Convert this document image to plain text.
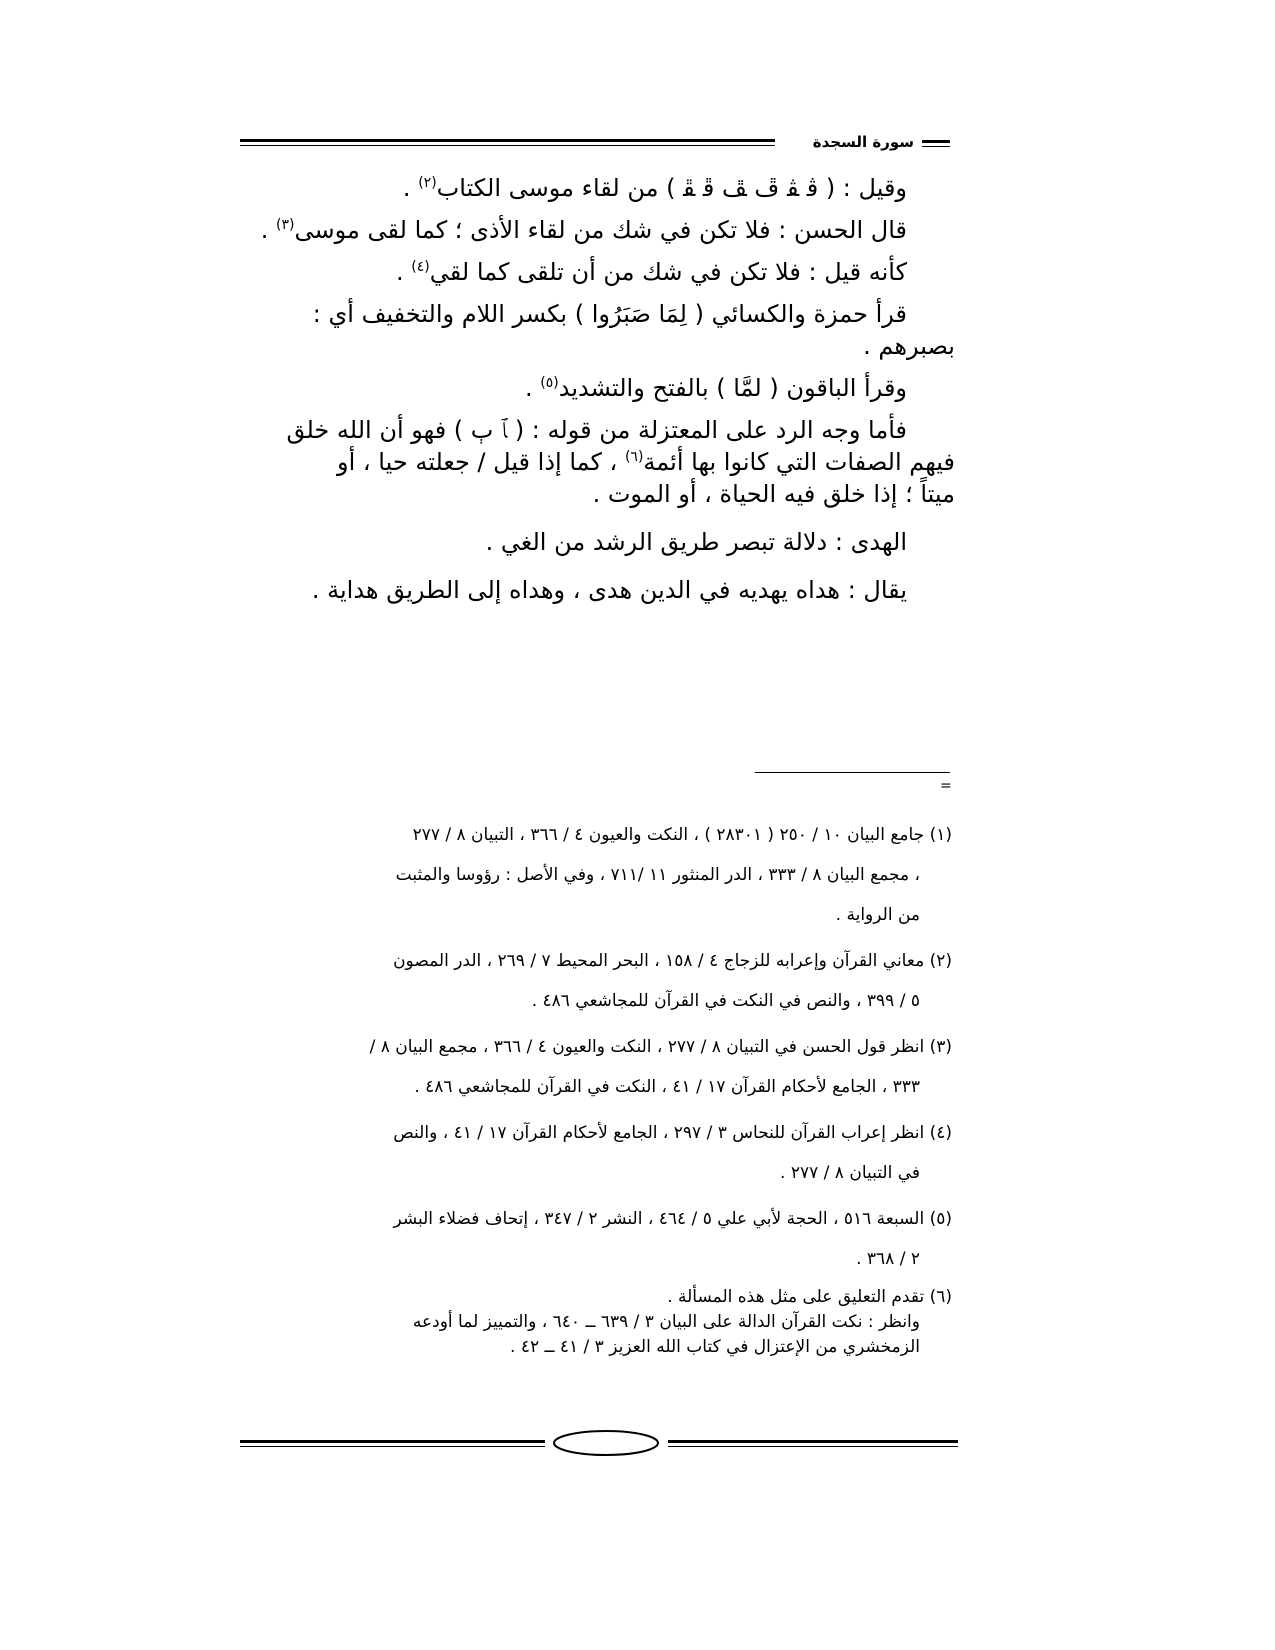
سورة السجدة

وقيل : ( ﭬ ﭭ ﭮ ﭯ ﭰ ﭱ ) من لقاء موسى الكتاب$^{(٢)}$ .

قال الحسن : فلا تكن في شك من لقاء الأذى ؛ كما لقى موسى$^{(٣)}$ .

كأنه قيل : فلا تكن في شك من أن تلقى كما لقي$^{(٤)}$ .

قرأ حمزة والكسائي ( لِمَا صَبَرُوا ) بكسر اللام والتخفيف أي :

بصبرهم .

وقرأ الباقون ( لمَّا ) بالفتح والتشديد$^{(٥)}$ .

فأما وجه الرد على المعتزلة من قوله : ( ﭑ ﭒ ) فهو أن الله خلق

فيهم الصفات التي كانوا بها أئمة$^{(٦)}$ ، كما إذا قيل / جعلته حيا ، أو

ميتاً ؛ إذا خلق فيه الحياة ، أو الموت .

الهدى : دلالة تبصر طريق الرشد من الغي .

يقال : هداه يهديه في الدين هدى ، وهداه إلى الطريق هداية .

=
(١) جامع البيان ١٠ / ٢٥٠ ( ٢٨٣٠١ ) ، النكت والعيون ٤ / ٣٦٦ ، التبيان ٨ / ٢٧٧
، مجمع البيان ٨ / ٣٣٣ ، الدر المنثور ١١ /٧١١ ، وفي الأصل : رؤوسا والمثبت
من الرواية .
(٢) معاني القرآن وإعرابه للزجاج ٤ / ١٥٨ ، البحر المحيط ٧ / ٢٦٩ ، الدر المصون
٥ / ٣٩٩ ، والنص في النكت في القرآن للمجاشعي ٤٨٦ .
(٣) انظر قول الحسن في التبيان ٨ / ٢٧٧ ، النكت والعيون ٤ / ٣٦٦ ، مجمع البيان ٨ /
٣٣٣ ، الجامع لأحكام القرآن ١٧ / ٤١ ، النكت في القرآن للمجاشعي ٤٨٦ .
(٤) انظر إعراب القرآن للنحاس ٣ / ٢٩٧ ، الجامع لأحكام القرآن ١٧ / ٤١ ، والنص
في التبيان ٨ / ٢٧٧ .
(٥) السبعة ٥١٦ ، الحجة لأبي علي ٥ / ٤٦٤ ، النشر ٢ / ٣٤٧ ، إتحاف فضلاء البشر
٢ / ٣٦٨ .
(٦) تقدم التعليق على مثل هذه المسألة .
وانظر : نكت القرآن الدالة على البيان ٣ / ٦٣٩ ــ ٦٤٠ ، والتمييز لما أودعه
الزمخشري من الإعتزال في كتاب الله العزيز ٣ / ٤١ ــ ٤٢ .
